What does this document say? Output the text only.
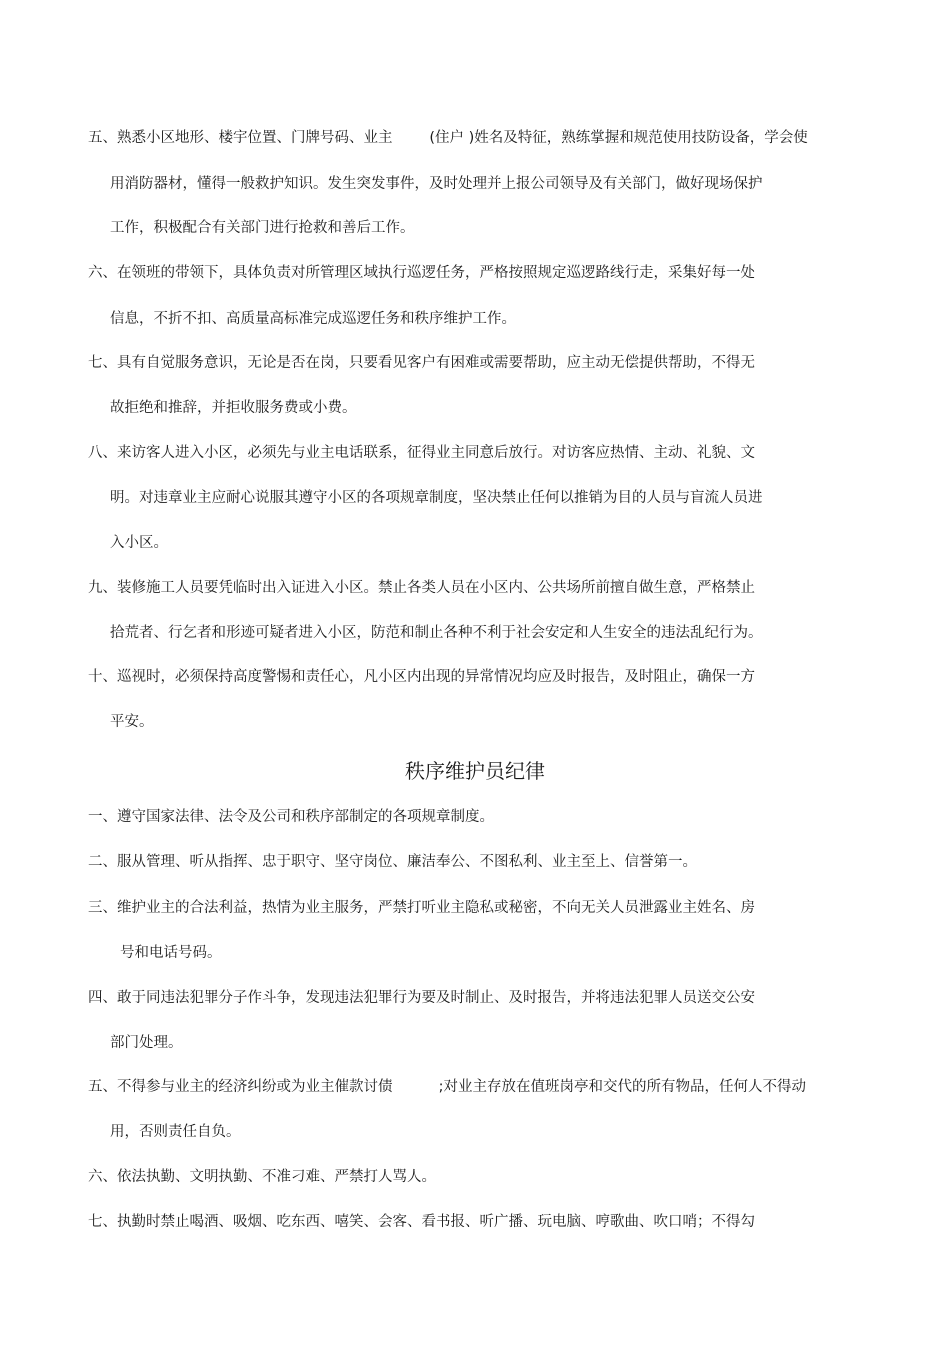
五、熟悉小区地形、楼宇位置、门牌号码、业主        (住户 )姓名及特征，熟练掌握和规范使用技防设备，学会使
用消防器材，懂得一般救护知识。发生突发事件，及时处理并上报公司领导及有关部门，做好现场保护
工作，积极配合有关部门进行抢救和善后工作。
六、在领班的带领下，具体负责对所管理区域执行巡逻任务，严格按照规定巡逻路线行走，采集好每一处
信息，不折不扣、高质量高标准完成巡逻任务和秩序维护工作。
七、具有自觉服务意识，无论是否在岗，只要看见客户有困难或需要帮助，应主动无偿提供帮助，不得无
故拒绝和推辞，并拒收服务费或小费。
八、来访客人进入小区，必须先与业主电话联系，征得业主同意后放行。对访客应热情、主动、礼貌、文
明。对违章业主应耐心说服其遵守小区的各项规章制度，坚决禁止任何以推销为目的人员与盲流人员进
入小区。
九、装修施工人员要凭临时出入证进入小区。禁止各类人员在小区内、公共场所前擅自做生意，严格禁止
拾荒者、行乞者和形迹可疑者进入小区，防范和制止各种不利于社会安定和人生安全的违法乱纪行为。
十、巡视时，必须保持高度警惕和责任心，凡小区内出现的异常情况均应及时报告，及时阻止，确保一方
平安。
秩序维护员纪律
一、遵守国家法律、法令及公司和秩序部制定的各项规章制度。
二、服从管理、听从指挥、忠于职守、坚守岗位、廉洁奉公、不图私利、业主至上、信誉第一。
三、维护业主的合法利益，热情为业主服务，严禁打听业主隐私或秘密，不向无关人员泄露业主姓名、房
号和电话号码。
四、敢于同违法犯罪分子作斗争，发现违法犯罪行为要及时制止、及时报告，并将违法犯罪人员送交公安
部门处理。
五、不得参与业主的经济纠纷或为业主催款讨债          ;对业主存放在值班岗亭和交代的所有物品，任何人不得动
用，否则责任自负。
六、依法执勤、文明执勤、不准刁难、严禁打人骂人。
七、执勤时禁止喝酒、吸烟、吃东西、嘻笑、会客、看书报、听广播、玩电脑、哼歌曲、吹口哨；不得勾
